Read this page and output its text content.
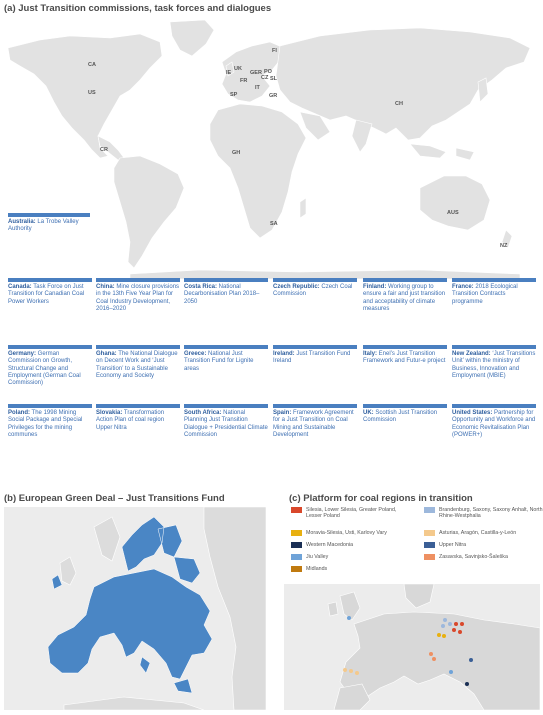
(a) Just Transition commissions, task forces and dialogues
CA
US
CR
FI
UK
IE	GER PO
CZ SL
FR
IT
SP	GR
CH
GH
SA
AUS
NZ
Australia: La Trobe Valley Authority
Canada: Task Force on Just Transition for Canadian Coal Power Workers
China: Mine closure provisions in the 13th Five Year Plan for Coal Industry Development, 2016–2020
Costa Rica: National Decarbonisation Plan 2018–2050
Czech Republic: Czech Coal Commission
Finland: Working group to ensure a fair and just transition and acceptability of climate measures
France: 2018 Ecological Transition Contracts programme
Germany: German Commission on Growth, Structural Change and Employment (German Coal Commission)
Ghana: The National Dialogue on Decent Work and ‘Just Transition’ to a Sustainable Economy and Society
Greece: National Just Transition Fund for Lignite areas
Ireland: Just Transition Fund Ireland
Italy: Enel’s Just Transition Framework and Futur-e project
New Zealand: ‘Just Transitions Unit’ within the ministry of Business, Innovation and Employment (MBIE)
Poland: The 1998 Mining Social Package and Special Privileges for the mining communes
Slovakia: Transformation Action Plan of coal region Upper Nitra
South Africa: National Planning Just Transition Dialogue + Presidential Climate Commission
Spain: Framework Agreement for a Just Transition on Coal Mining and Sustainable Development
UK: Scottish Just Transition Commission
United States: Partnership for Opportunity and Workforce and Economic Revitalisation Plan (POWER+)
(b) European Green Deal – Just Transitions Fund	(c) Platform for coal regions in transition
Silesia, Lower Silesia, Greater Poland, Lesser Poland
Brandenburg, Saxony, Saxony Anhalt, North Rhine-Westphalia
Moravia-Silesia, Usti, Karlovy Vary	Asturias, Aragón, Castilla-y-León
Western Macedonia	Upper Nitra
Jiu Valley	Zasavska, Savinjsko-Šaleška
Midlands
